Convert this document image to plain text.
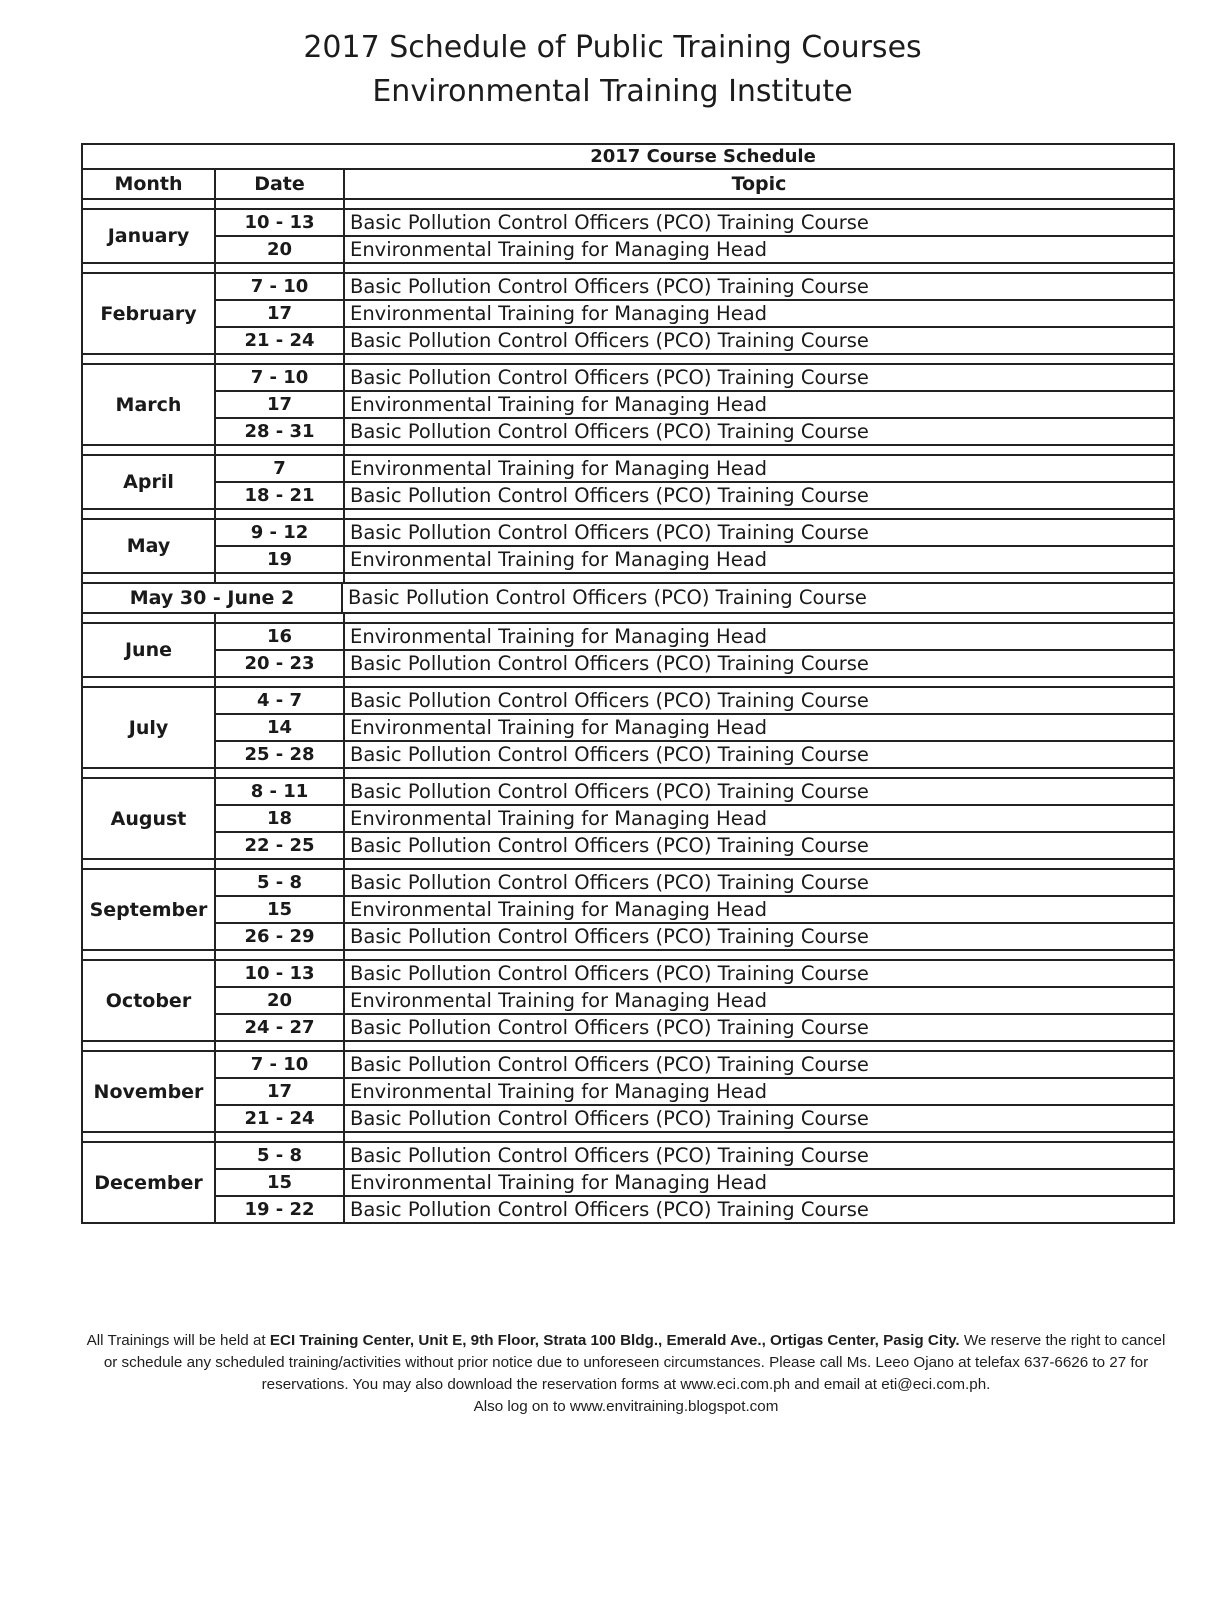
2017 Schedule of Public Training Courses
Environmental Training Institute
2017 Course Schedule
Month	Date	Topic
January
10 - 13	Basic Pollution Control Officers (PCO) Training Course
20	Environmental Training for Managing Head
February
7 - 10	Basic Pollution Control Officers (PCO) Training Course
17	Environmental Training for Managing Head
21 - 24	Basic Pollution Control Officers (PCO) Training Course
March
7 - 10	Basic Pollution Control Officers (PCO) Training Course
17	Environmental Training for Managing Head
28 - 31	Basic Pollution Control Officers (PCO) Training Course
April
7	Environmental Training for Managing Head
18 - 21	Basic Pollution Control Officers (PCO) Training Course
May
9 - 12	Basic Pollution Control Officers (PCO) Training Course
19	Environmental Training for Managing Head
May 30 - June 2	Basic Pollution Control Officers (PCO) Training Course
June
16	Environmental Training for Managing Head
20 - 23	Basic Pollution Control Officers (PCO) Training Course
July
4 - 7	Basic Pollution Control Officers (PCO) Training Course
14	Environmental Training for Managing Head
25 - 28	Basic Pollution Control Officers (PCO) Training Course
August
8 - 11	Basic Pollution Control Officers (PCO) Training Course
18	Environmental Training for Managing Head
22 - 25	Basic Pollution Control Officers (PCO) Training Course
September
5 - 8	Basic Pollution Control Officers (PCO) Training Course
15	Environmental Training for Managing Head
26 - 29	Basic Pollution Control Officers (PCO) Training Course
October
10 - 13	Basic Pollution Control Officers (PCO) Training Course
20	Environmental Training for Managing Head
24 - 27	Basic Pollution Control Officers (PCO) Training Course
November
7 - 10	Basic Pollution Control Officers (PCO) Training Course
17	Environmental Training for Managing Head
21 - 24	Basic Pollution Control Officers (PCO) Training Course
December
5 - 8	Basic Pollution Control Officers (PCO) Training Course
15	Environmental Training for Managing Head
19 - 22	Basic Pollution Control Officers (PCO) Training Course
All Trainings will be held at ECI Training Center, Unit E, 9th Floor, Strata 100 Bldg., Emerald Ave., Ortigas Center, Pasig City. We reserve the right to cancel or schedule any scheduled training/activities without prior notice due to unforeseen circumstances. Please call Ms. Leeo Ojano at telefax 637-6626 to 27 for reservations. You may also download the reservation forms at www.eci.com.ph and email at eti@eci.com.ph.
Also log on to www.envitraining.blogspot.com
